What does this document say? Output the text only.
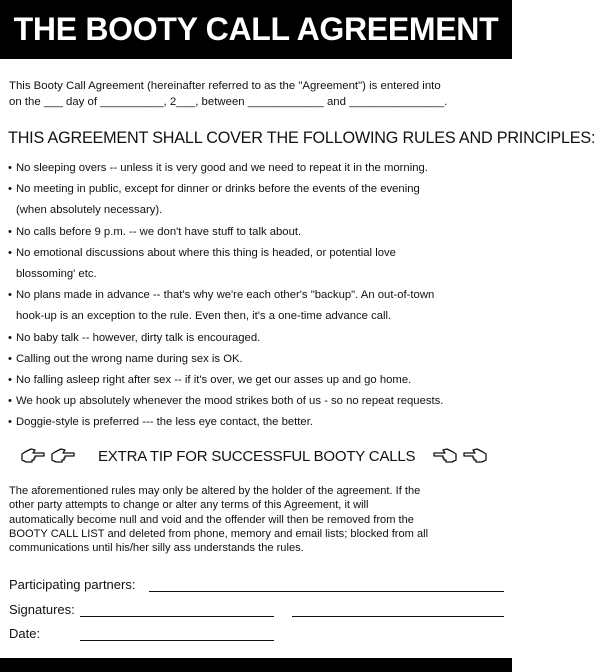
THE BOOTY CALL AGREEMENT
This Booty Call Agreement (hereinafter referred to as the "Agreement") is entered into
on the ___ day of __________, 2___, between ____________ and _______________.
THIS AGREEMENT SHALL COVER THE FOLLOWING RULES AND PRINCIPLES:
• No sleeping overs -- unless it is very good and we need to repeat it in the morning.
• No meeting in public, except for dinner or drinks before the events of the evening
(when absolutely necessary).
• No calls before 9 p.m. -- we don't have stuff to talk about.
• No emotional discussions about where this thing is headed, or potential love
blossoming' etc.
• No plans made in advance -- that's why we're each other's "backup". An out-of-town
hook-up is an exception to the rule. Even then, it's a one-time advance call.
• No baby talk -- however, dirty talk is encouraged.
• Calling out the wrong name during sex is OK.
• No falling asleep right after sex -- if it's over, we get our asses up and go home.
• We hook up absolutely whenever the mood strikes both of us - so no repeat requests.
• Doggie-style is preferred --- the less eye contact, the better.
EXTRA TIP FOR SUCCESSFUL BOOTY CALLS
The aforementioned rules may only be altered by the holder of the agreement. If the
other party attempts to change or alter any terms of this Agreement, it will
automatically become null and void and the offender will then be removed from the
BOOTY CALL LIST and deleted from phone, memory and email lists; blocked from all
communications until his/her silly ass understands the rules.
Participating partners:
Signatures:
Date:
